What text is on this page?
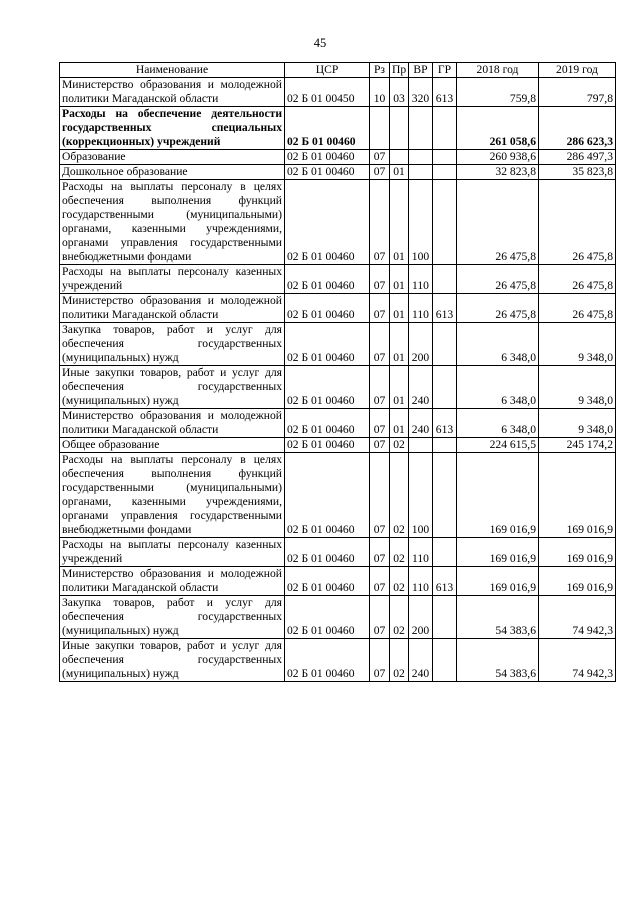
45
Наименование	ЦСР	Рз	Пр	ВР	ГР	2018 год	2019 год
Министерство образования и молодежной политики Магаданской области	02 Б 01 00450	10	03	320	613	759,8	797,8
Расходы на обеспечение деятельности государственных специальных (коррекционных) учреждений	02 Б 01 00460					261 058,6	286 623,3
Образование	02 Б 01 00460	07				260 938,6	286 497,3
Дошкольное образование	02 Б 01 00460	07	01			32 823,8	35 823,8
Расходы на выплаты персоналу в целях обеспечения выполнения функций государственными (муниципальными) органами, казенными учреждениями, органами управления государственными внебюджетными фондами	02 Б 01 00460	07	01	100		26 475,8	26 475,8
Расходы на выплаты персоналу казенных учреждений	02 Б 01 00460	07	01	110		26 475,8	26 475,8
Министерство образования и молодежной политики Магаданской области	02 Б 01 00460	07	01	110	613	26 475,8	26 475,8
Закупка товаров, работ и услуг для обеспечения государственных (муниципальных) нужд	02 Б 01 00460	07	01	200		6 348,0	9 348,0
Иные закупки товаров, работ и услуг для обеспечения государственных (муниципальных) нужд	02 Б 01 00460	07	01	240		6 348,0	9 348,0
Министерство образования и молодежной политики Магаданской области	02 Б 01 00460	07	01	240	613	6 348,0	9 348,0
Общее образование	02 Б 01 00460	07	02			224 615,5	245 174,2
Расходы на выплаты персоналу в целях обеспечения выполнения функций государственными (муниципальными) органами, казенными учреждениями, органами управления государственными внебюджетными фондами	02 Б 01 00460	07	02	100		169 016,9	169 016,9
Расходы на выплаты персоналу казенных учреждений	02 Б 01 00460	07	02	110		169 016,9	169 016,9
Министерство образования и молодежной политики Магаданской области	02 Б 01 00460	07	02	110	613	169 016,9	169 016,9
Закупка товаров, работ и услуг для обеспечения государственных (муниципальных) нужд	02 Б 01 00460	07	02	200		54 383,6	74 942,3
Иные закупки товаров, работ и услуг для обеспечения государственных (муниципальных) нужд	02 Б 01 00460	07	02	240		54 383,6	74 942,3
